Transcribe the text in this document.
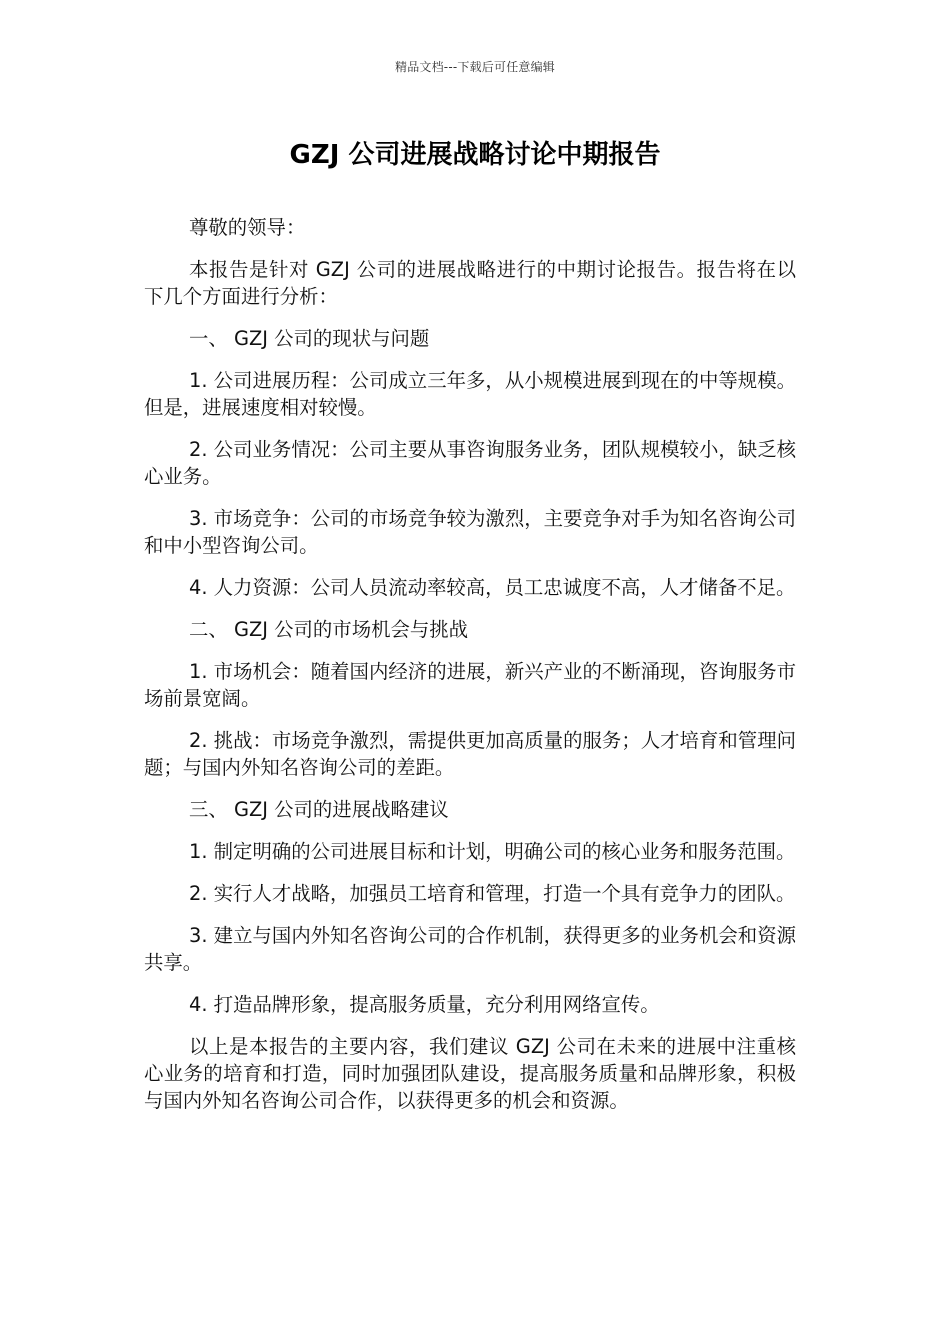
精品文档---下载后可任意编辑
GZJ 公司进展战略讨论中期报告

尊敬的领导：

本报告是针对 GZJ 公司的进展战略进行的中期讨论报告。报告将在以下几个方面进行分析：

一、 GZJ 公司的现状与问题

1. 公司进展历程：公司成立三年多，从小规模进展到现在的中等规模。但是，进展速度相对较慢。

2. 公司业务情况：公司主要从事咨询服务业务，团队规模较小，缺乏核心业务。

3. 市场竞争：公司的市场竞争较为激烈，主要竞争对手为知名咨询公司和中小型咨询公司。

4. 人力资源：公司人员流动率较高，员工忠诚度不高，人才储备不足。

二、 GZJ 公司的市场机会与挑战

1. 市场机会：随着国内经济的进展，新兴产业的不断涌现，咨询服务市场前景宽阔。

2. 挑战：市场竞争激烈，需提供更加高质量的服务；人才培育和管理问题；与国内外知名咨询公司的差距。

三、 GZJ 公司的进展战略建议

1. 制定明确的公司进展目标和计划，明确公司的核心业务和服务范围。

2. 实行人才战略，加强员工培育和管理，打造一个具有竞争力的团队。

3. 建立与国内外知名咨询公司的合作机制，获得更多的业务机会和资源共享。

4. 打造品牌形象，提高服务质量，充分利用网络宣传。

以上是本报告的主要内容，我们建议 GZJ 公司在未来的进展中注重核心业务的培育和打造，同时加强团队建设，提高服务质量和品牌形象，积极与国内外知名咨询公司合作，以获得更多的机会和资源。
